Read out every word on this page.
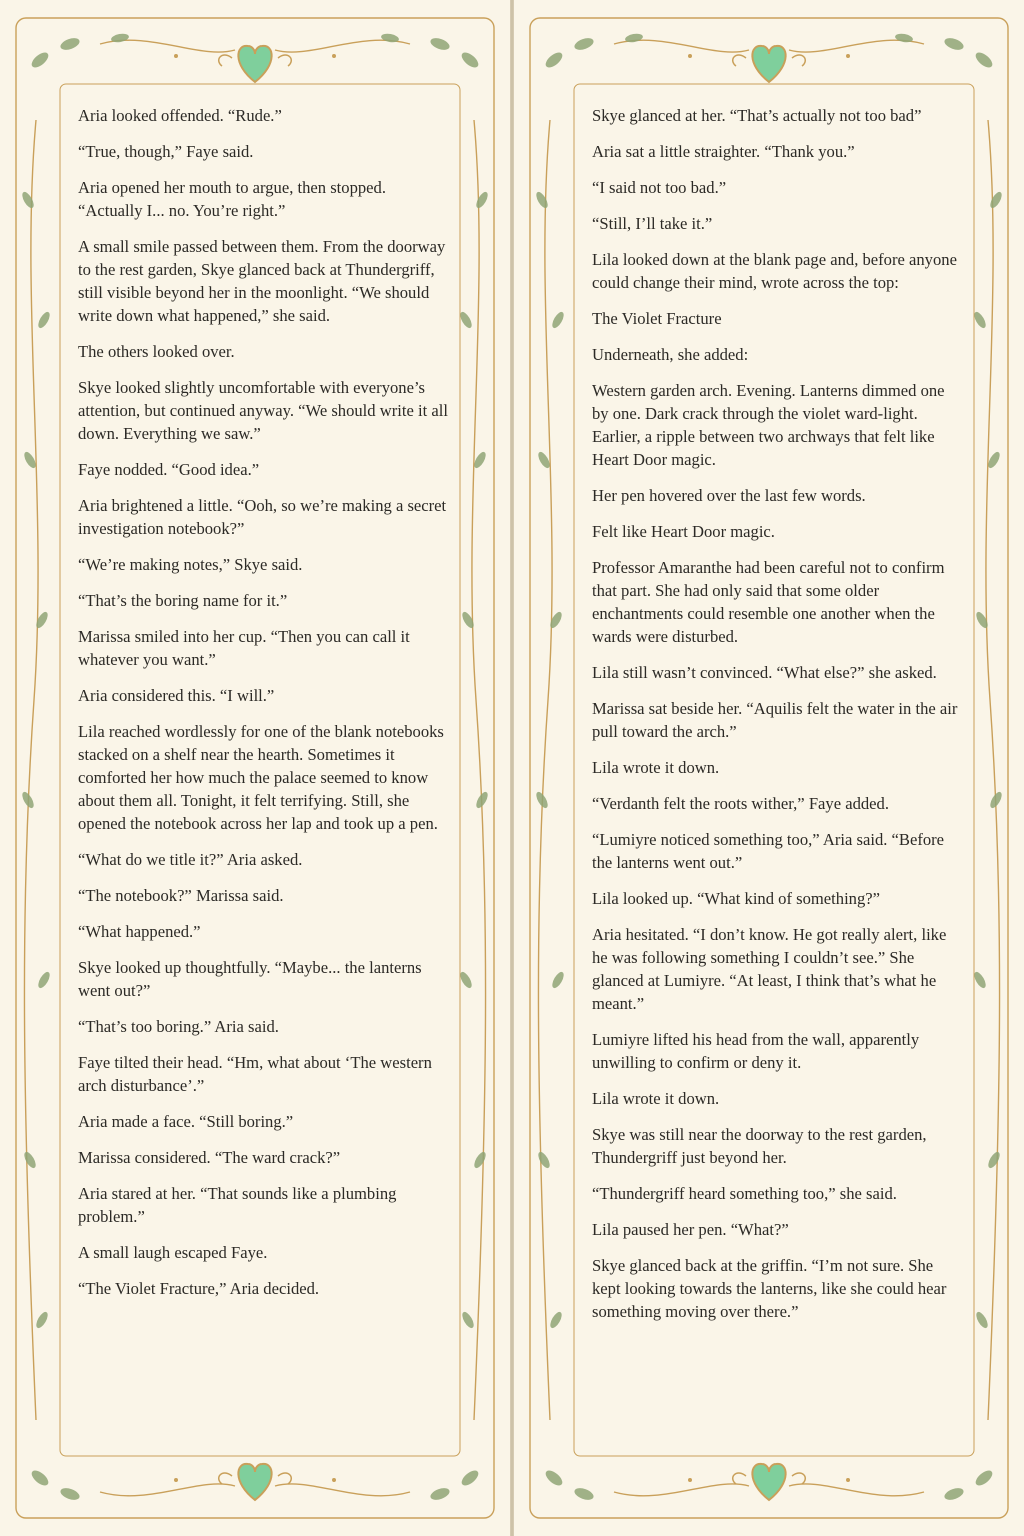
Aria looked offended. “Rude.”

“True, though,” Faye said.

Aria opened her mouth to argue, then stopped. “Actually I... no. You’re right.”

A small smile passed between them. From the doorway to the rest garden, Skye glanced back at Thundergriff, still visible beyond her in the moonlight. “We should write down what happened,” she said.

The others looked over.

Skye looked slightly uncomfortable with everyone’s attention, but continued anyway. “We should write it all down. Everything we saw.”

Faye nodded. “Good idea.”

Aria brightened a little. “Ooh, so we’re making a secret investigation notebook?”

“We’re making notes,” Skye said.

“That’s the boring name for it.”

Marissa smiled into her cup. “Then you can call it whatever you want.”

Aria considered this. “I will.”

Lila reached wordlessly for one of the blank notebooks stacked on a shelf near the hearth. Sometimes it comforted her how much the palace seemed to know about them all. Tonight, it felt terrifying. Still, she opened the notebook across her lap and took up a pen.

“What do we title it?” Aria asked.

“The notebook?” Marissa said.

“What happened.”

Skye looked up thoughtfully. “Maybe... the lanterns went out?”

“That’s too boring.” Aria said.

Faye tilted their head. “Hm, what about ‘The western arch disturbance’.”

Aria made a face. “Still boring.”

Marissa considered. “The ward crack?”

Aria stared at her. “That sounds like a plumbing problem.”

A small laugh escaped Faye.

“The Violet Fracture,” Aria decided.

Skye glanced at her. “That’s actually not too bad”

Aria sat a little straighter. “Thank you.”

“I said not too bad.”

“Still, I’ll take it.”

Lila looked down at the blank page and, before anyone could change their mind, wrote across the top:

The Violet Fracture

Underneath, she added:

Western garden arch. Evening. Lanterns dimmed one by one. Dark crack through the violet ward-light. Earlier, a ripple between two archways that felt like Heart Door magic.

Her pen hovered over the last few words.

Felt like Heart Door magic.

Professor Amaranthe had been careful not to confirm that part. She had only said that some older enchantments could resemble one another when the wards were disturbed.

Lila still wasn’t convinced. “What else?” she asked.

Marissa sat beside her. “Aquilis felt the water in the air pull toward the arch.”

Lila wrote it down.

“Verdanth felt the roots wither,” Faye added.

“Lumiyre noticed something too,” Aria said. “Before the lanterns went out.”

Lila looked up. “What kind of something?”

Aria hesitated. “I don’t know. He got really alert, like he was following something I couldn’t see.” She glanced at Lumiyre. “At least, I think that’s what he meant.”

Lumiyre lifted his head from the wall, apparently unwilling to confirm or deny it.

Lila wrote it down.

Skye was still near the doorway to the rest garden, Thundergriff just beyond her.

“Thundergriff heard something too,” she said.

Lila paused her pen. “What?”

Skye glanced back at the griffin. “I’m not sure. She kept looking towards the lanterns, like she could hear something moving over there.”
